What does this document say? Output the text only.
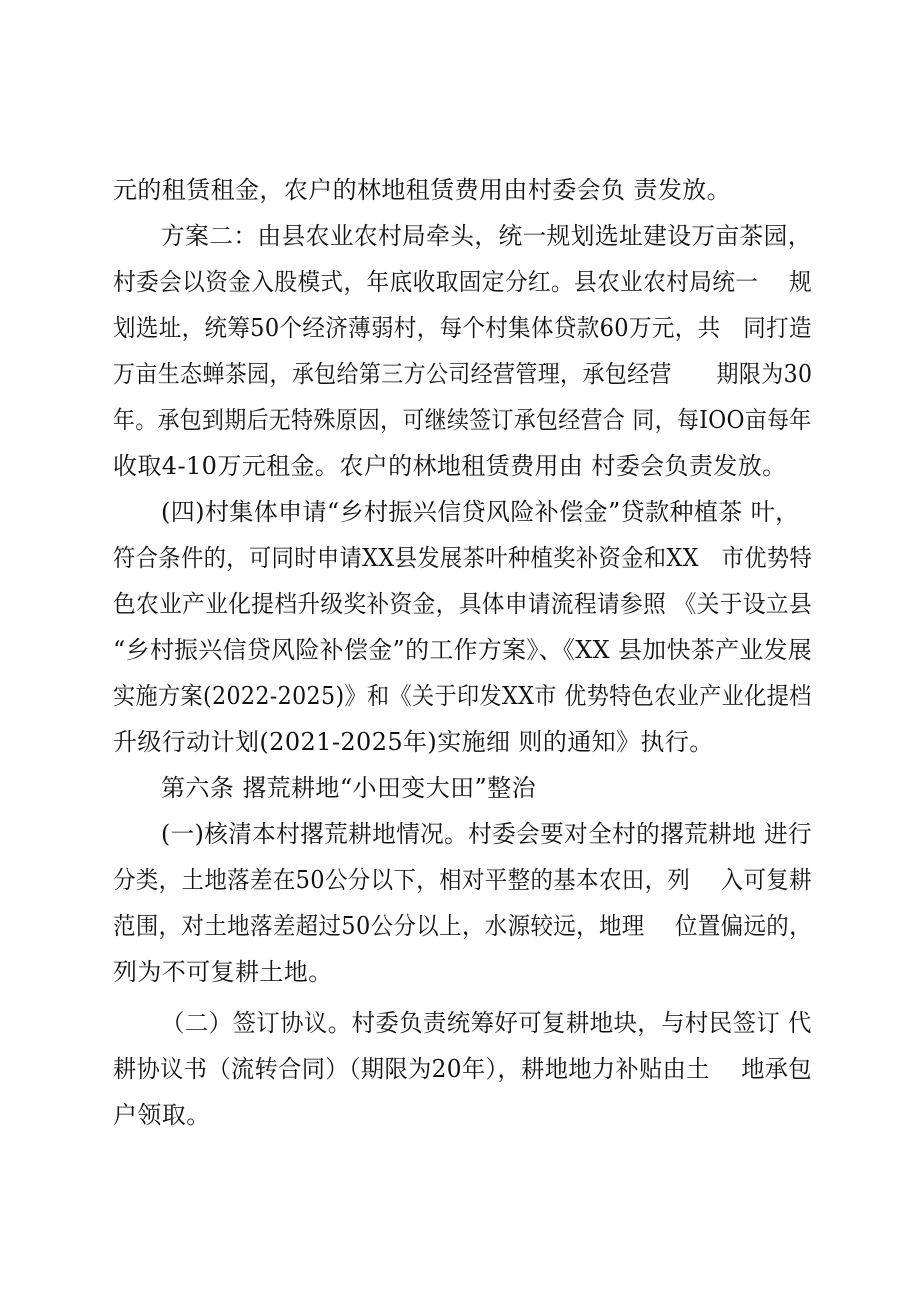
元的租赁租金，农户的林地租赁费用由村委会负 责发放。
方案二：由县农业农村局牵头，统一规划选址建设万亩茶园，
村委会以资金入股模式，年底收取固定分红。县农业农村局统一　 规
划选址，统筹50个经济薄弱村，每个村集体贷款60万元，共　同打造
万亩生态蝉茶园，承包给第三方公司经营管理，承包经营　　期限为30
年。承包到期后无特殊原因，可继续签订承包经营合 同，每IOO亩每年
收取4-10万元租金。农户的林地租赁费用由 村委会负责发放。
(四)村集体申请“乡村振兴信贷风险补偿金”贷款种植茶 叶，
符合条件的，可同时申请XX县发展茶叶种植奖补资金和XX　市优势特
色农业产业化提档升级奖补资金，具体申请流程请参照 《关于设立县
“乡村振兴信贷风险补偿金”的工作方案》、《XX 县加快茶产业发展
实施方案(2022-2025)》和《关于印发XX市 优势特色农业产业化提档
升级行动计划(2021-2025年)实施细 则的通知》执行。
第六条 撂荒耕地“小田变大田”整治
(一)核清本村撂荒耕地情况。村委会要对全村的撂荒耕地 进行
分类，土地落差在50公分以下，相对平整的基本农田，列　 入可复耕
范围，对土地落差超过50公分以上，水源较远，地理　 位置偏远的，
列为不可复耕土地。
（二）签订协议。村委负责统筹好可复耕地块，与村民签订 代
耕协议书（流转合同）（期限为20年），耕地地力补贴由土　 地承包
户领取。
